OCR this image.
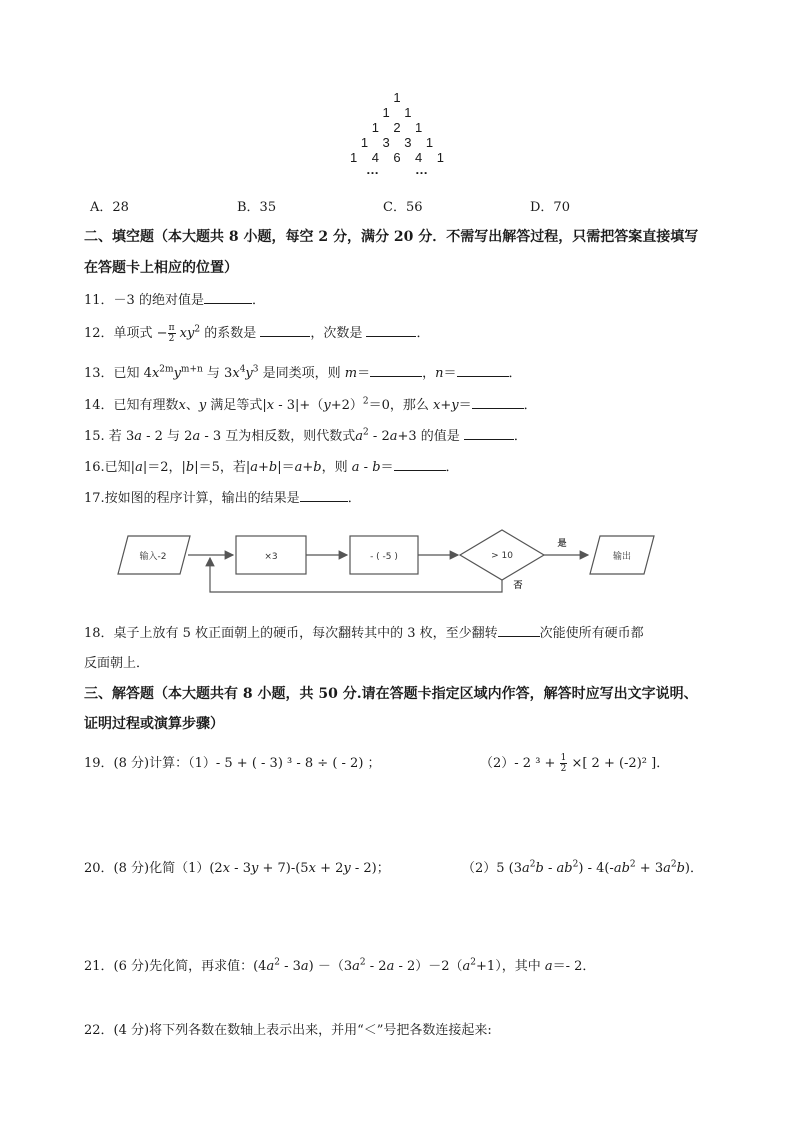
1
1    1
1    2    1
1    3    3    1
1    4    6    4    1
…          …
A．28	B．35	C．56	D．70
二、填空题（本大题共 8 小题，每空 2 分，满分 20 分．不需写出解答过程，只需把答案直接填写
在答题卡上相应的位置）
11．－3 的绝对值是	．
12．单项式 − $\frac{\pi}{2} xy^2$ 的系数是	，次数是	．
13．已知 $4x^{2m}y^{m+n}$ 与 $3x^4y^3$ 是同类项，则 m＝	，n＝	．
14．已知有理数x、y 满足等式$|x - 3|+(y+2)^2=0$，那么 x+y＝	．
15. 若 3a - 2 与 2a - 3 互为相反数，则代数式$a^2 - 2a+3$ 的值是	．
16.已知|a|＝2，|b|＝5，若|a+b|＝a+b，则 a - b＝	．
17.按如图的程序计算，输出的结果是	．
输入-2	×3	- ( -5 )	> 10
是
输出
否
18．桌子上放有 5 枚正面朝上的硬币，每次翻转其中的 3 枚，至少翻转	次能使所有硬币都
反面朝上．
三、解答题（本大题共有 8 小题，共 50 分.请在答题卡指定区域内作答，解答时应写出文字说明、
证明过程或演算步骤）
19．(8 分)计算：（1）- 5 + ( - 3) ³ - 8 ÷ ( - 2) ；	（2）- 2 $^3 + \frac{1}{2}$ ×[ 2 + (-2)² ]．
20．(8 分)化简（1）(2x - 3y + 7)-(5x + 2y - 2)；	（2）5 $(3a^2b - ab^2) - 4(-ab^2 + 3a^2b)$．
21．(6 分)先化简，再求值：$(4a^2 - 3a) -(3a^2 - 2a - 2)-2(a^2+1)$，其中 a＝- 2．
22．(4 分)将下列各数在数轴上表示出来，并用“＜”号把各数连接起来:
